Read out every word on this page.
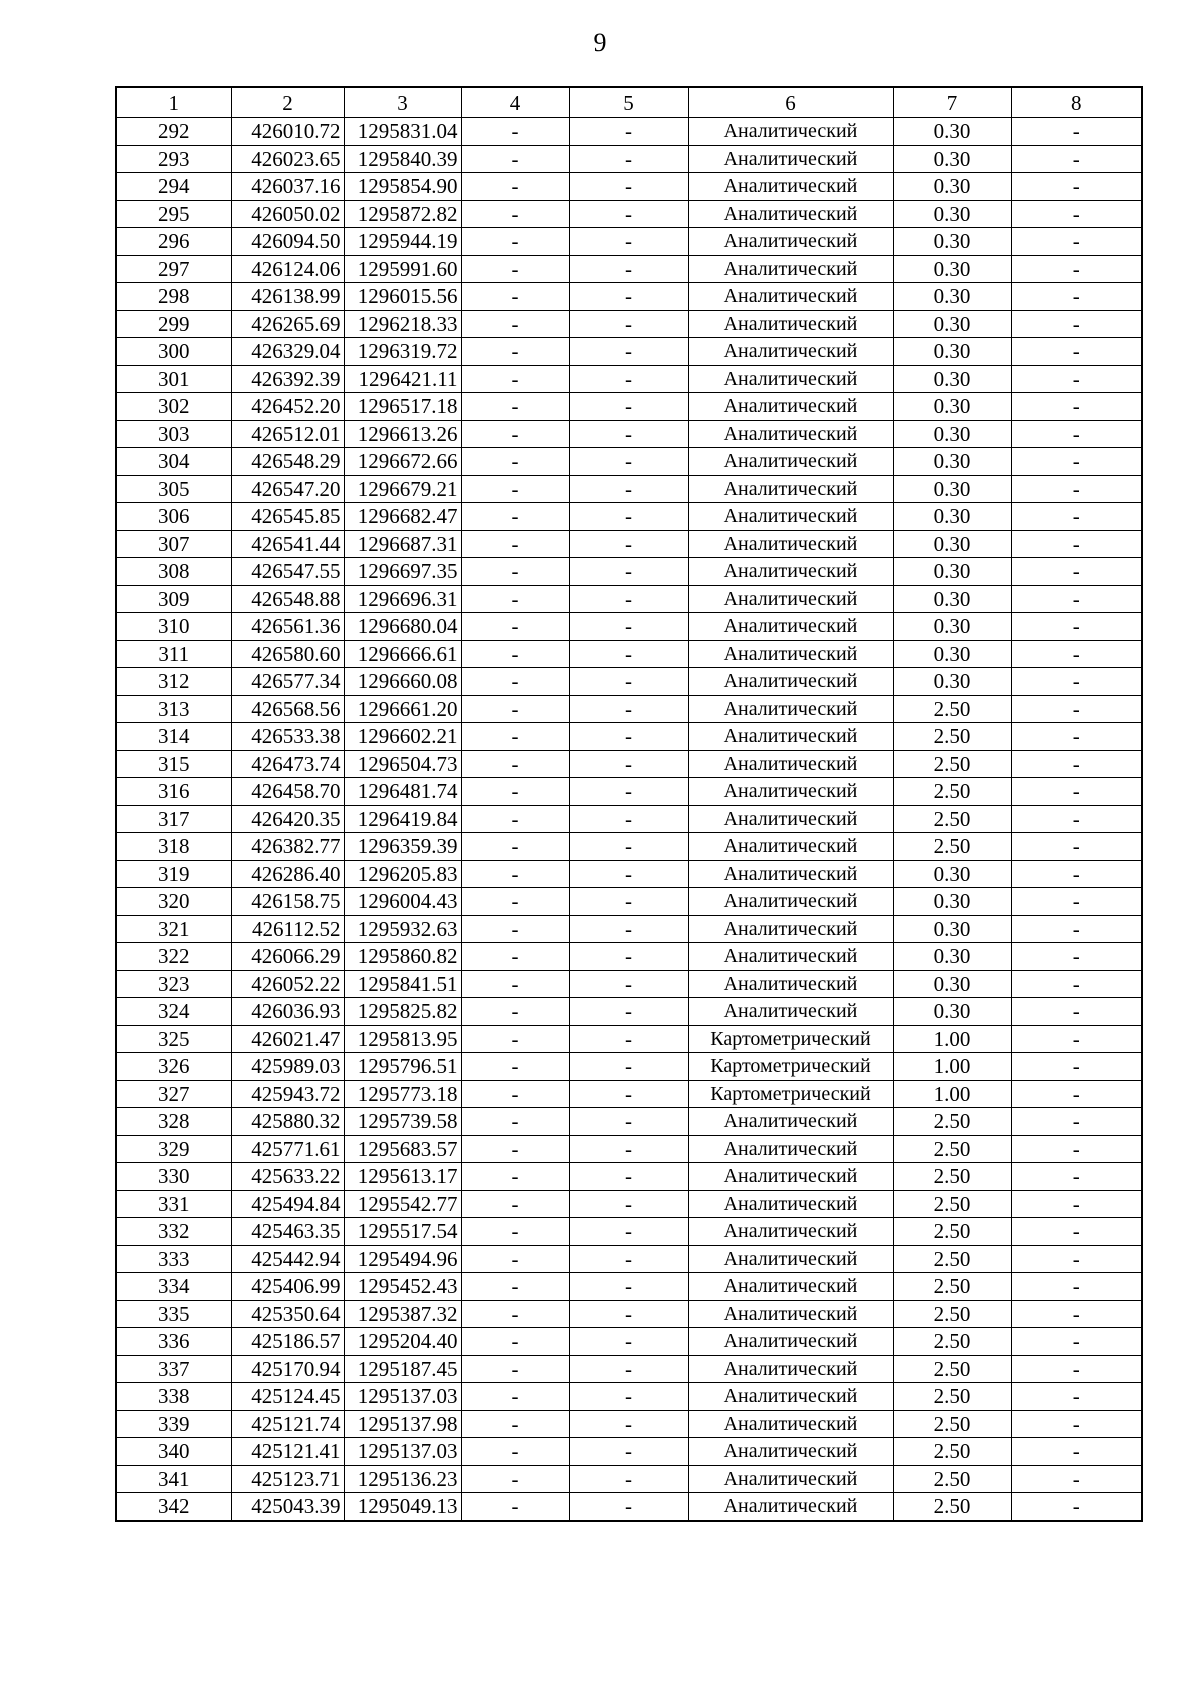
9
1	2	3	4	5	6	7	8
292	426010.72	1295831.04	-	-	Аналитический	0.30	-
293	426023.65	1295840.39	-	-	Аналитический	0.30	-
294	426037.16	1295854.90	-	-	Аналитический	0.30	-
295	426050.02	1295872.82	-	-	Аналитический	0.30	-
296	426094.50	1295944.19	-	-	Аналитический	0.30	-
297	426124.06	1295991.60	-	-	Аналитический	0.30	-
298	426138.99	1296015.56	-	-	Аналитический	0.30	-
299	426265.69	1296218.33	-	-	Аналитический	0.30	-
300	426329.04	1296319.72	-	-	Аналитический	0.30	-
301	426392.39	1296421.11	-	-	Аналитический	0.30	-
302	426452.20	1296517.18	-	-	Аналитический	0.30	-
303	426512.01	1296613.26	-	-	Аналитический	0.30	-
304	426548.29	1296672.66	-	-	Аналитический	0.30	-
305	426547.20	1296679.21	-	-	Аналитический	0.30	-
306	426545.85	1296682.47	-	-	Аналитический	0.30	-
307	426541.44	1296687.31	-	-	Аналитический	0.30	-
308	426547.55	1296697.35	-	-	Аналитический	0.30	-
309	426548.88	1296696.31	-	-	Аналитический	0.30	-
310	426561.36	1296680.04	-	-	Аналитический	0.30	-
311	426580.60	1296666.61	-	-	Аналитический	0.30	-
312	426577.34	1296660.08	-	-	Аналитический	0.30	-
313	426568.56	1296661.20	-	-	Аналитический	2.50	-
314	426533.38	1296602.21	-	-	Аналитический	2.50	-
315	426473.74	1296504.73	-	-	Аналитический	2.50	-
316	426458.70	1296481.74	-	-	Аналитический	2.50	-
317	426420.35	1296419.84	-	-	Аналитический	2.50	-
318	426382.77	1296359.39	-	-	Аналитический	2.50	-
319	426286.40	1296205.83	-	-	Аналитический	0.30	-
320	426158.75	1296004.43	-	-	Аналитический	0.30	-
321	426112.52	1295932.63	-	-	Аналитический	0.30	-
322	426066.29	1295860.82	-	-	Аналитический	0.30	-
323	426052.22	1295841.51	-	-	Аналитический	0.30	-
324	426036.93	1295825.82	-	-	Аналитический	0.30	-
325	426021.47	1295813.95	-	-	Картометрический	1.00	-
326	425989.03	1295796.51	-	-	Картометрический	1.00	-
327	425943.72	1295773.18	-	-	Картометрический	1.00	-
328	425880.32	1295739.58	-	-	Аналитический	2.50	-
329	425771.61	1295683.57	-	-	Аналитический	2.50	-
330	425633.22	1295613.17	-	-	Аналитический	2.50	-
331	425494.84	1295542.77	-	-	Аналитический	2.50	-
332	425463.35	1295517.54	-	-	Аналитический	2.50	-
333	425442.94	1295494.96	-	-	Аналитический	2.50	-
334	425406.99	1295452.43	-	-	Аналитический	2.50	-
335	425350.64	1295387.32	-	-	Аналитический	2.50	-
336	425186.57	1295204.40	-	-	Аналитический	2.50	-
337	425170.94	1295187.45	-	-	Аналитический	2.50	-
338	425124.45	1295137.03	-	-	Аналитический	2.50	-
339	425121.74	1295137.98	-	-	Аналитический	2.50	-
340	425121.41	1295137.03	-	-	Аналитический	2.50	-
341	425123.71	1295136.23	-	-	Аналитический	2.50	-
342	425043.39	1295049.13	-	-	Аналитический	2.50	-
